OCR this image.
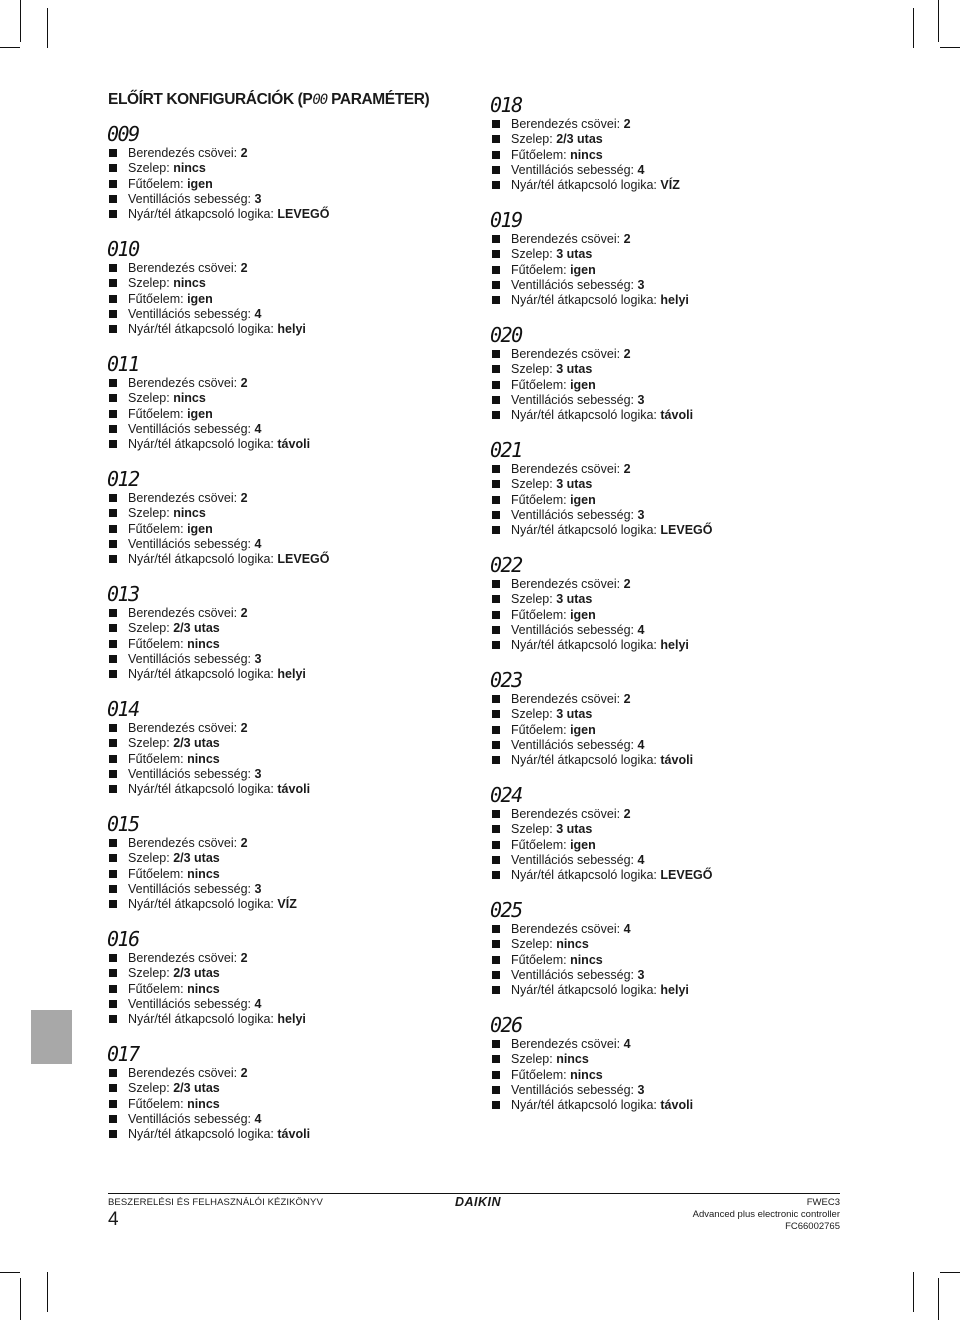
ELŐÍRT KONFIGURÁCIÓK (P00 PARAMÉTER)
009
Berendezés csövei: 2
Szelep: nincs
Fűtőelem: igen
Ventillációs sebesség: 3
Nyár/tél átkapcsoló logika: LEVEGŐ
010
Berendezés csövei: 2
Szelep: nincs
Fűtőelem: igen
Ventillációs sebesség: 4
Nyár/tél átkapcsoló logika: helyi
011
Berendezés csövei: 2
Szelep: nincs
Fűtőelem: igen
Ventillációs sebesség: 4
Nyár/tél átkapcsoló logika: távoli
012
Berendezés csövei: 2
Szelep: nincs
Fűtőelem: igen
Ventillációs sebesség: 4
Nyár/tél átkapcsoló logika: LEVEGŐ
013
Berendezés csövei: 2
Szelep: 2/3 utas
Fűtőelem: nincs
Ventillációs sebesség: 3
Nyár/tél átkapcsoló logika: helyi
014
Berendezés csövei: 2
Szelep: 2/3 utas
Fűtőelem: nincs
Ventillációs sebesség: 3
Nyár/tél átkapcsoló logika: távoli
015
Berendezés csövei: 2
Szelep: 2/3 utas
Fűtőelem: nincs
Ventillációs sebesség: 3
Nyár/tél átkapcsoló logika: VÍZ
016
Berendezés csövei: 2
Szelep: 2/3 utas
Fűtőelem: nincs
Ventillációs sebesség: 4
Nyár/tél átkapcsoló logika: helyi
017
Berendezés csövei: 2
Szelep: 2/3 utas
Fűtőelem: nincs
Ventillációs sebesség: 4
Nyár/tél átkapcsoló logika: távoli
018
Berendezés csövei: 2
Szelep: 2/3 utas
Fűtőelem: nincs
Ventillációs sebesség: 4
Nyár/tél átkapcsoló logika: VÍZ
019
Berendezés csövei: 2
Szelep: 3 utas
Fűtőelem: igen
Ventillációs sebesség: 3
Nyár/tél átkapcsoló logika: helyi
020
Berendezés csövei: 2
Szelep: 3 utas
Fűtőelem: igen
Ventillációs sebesség: 3
Nyár/tél átkapcsoló logika: távoli
021
Berendezés csövei: 2
Szelep: 3 utas
Fűtőelem: igen
Ventillációs sebesség: 3
Nyár/tél átkapcsoló logika: LEVEGŐ
022
Berendezés csövei: 2
Szelep: 3 utas
Fűtőelem: igen
Ventillációs sebesség: 4
Nyár/tél átkapcsoló logika: helyi
023
Berendezés csövei: 2
Szelep: 3 utas
Fűtőelem: igen
Ventillációs sebesség: 4
Nyár/tél átkapcsoló logika: távoli
024
Berendezés csövei: 2
Szelep: 3 utas
Fűtőelem: igen
Ventillációs sebesség: 4
Nyár/tél átkapcsoló logika: LEVEGŐ
025
Berendezés csövei: 4
Szelep: nincs
Fűtőelem: nincs
Ventillációs sebesség: 3
Nyár/tél átkapcsoló logika: helyi
026
Berendezés csövei: 4
Szelep: nincs
Fűtőelem: nincs
Ventillációs sebesség: 3
Nyár/tél átkapcsoló logika: távoli
BESZERELÉSI ÉS FELHASZNÁLÓI KÉZIKÖNYV
4
DAIKIN	FWEC3
Advanced plus electronic controller
FC66002765
